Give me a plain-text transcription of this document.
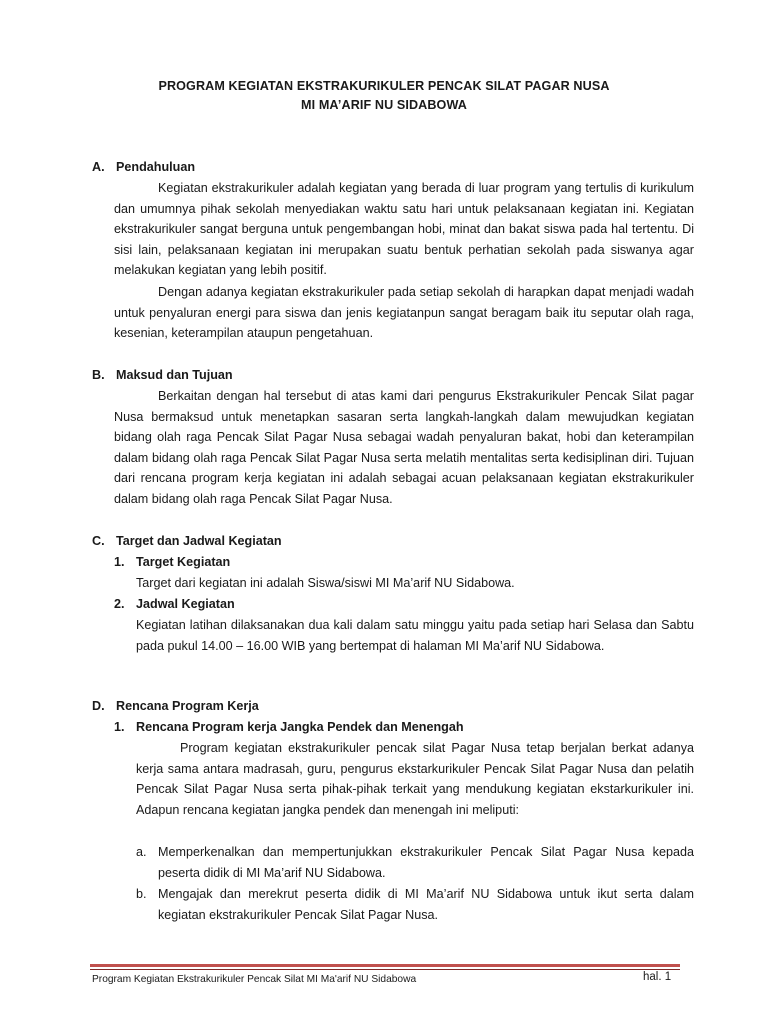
PROGRAM KEGIATAN EKSTRAKURIKULER PENCAK SILAT PAGAR NUSA
MI MA’ARIF NU SIDABOWA
A. Pendahuluan

Kegiatan ekstrakurikuler adalah kegiatan yang berada di luar program yang tertulis di kurikulum dan umumnya pihak sekolah menyediakan waktu satu hari untuk pelaksanaan kegiatan ini. Kegiatan ekstrakurikuler sangat berguna untuk pengembangan hobi, minat dan bakat siswa pada hal tertentu. Di sisi lain, pelaksanaan kegiatan ini merupakan suatu bentuk perhatian sekolah pada siswanya agar melakukan kegiatan yang lebih positif.

Dengan adanya kegiatan ekstrakurikuler pada setiap sekolah di harapkan dapat menjadi wadah untuk penyaluran energi para siswa dan jenis kegiatanpun sangat beragam baik itu seputar olah raga, kesenian, keterampilan ataupun pengetahuan.

B. Maksud dan Tujuan

Berkaitan dengan hal tersebut di atas kami dari pengurus Ekstrakurikuler Pencak Silat pagar Nusa bermaksud untuk menetapkan sasaran serta langkah-langkah dalam mewujudkan kegiatan bidang olah raga Pencak Silat Pagar Nusa sebagai wadah penyaluran bakat, hobi dan keterampilan dalam bidang olah raga Pencak Silat Pagar Nusa serta melatih mentalitas serta kedisiplinan diri. Tujuan dari rencana program kerja kegiatan ini adalah sebagai acuan pelaksanaan kegiatan ekstrakurikuler dalam bidang olah raga Pencak Silat Pagar Nusa.

C. Target dan Jadwal Kegiatan
1. Target Kegiatan

Target dari kegiatan ini adalah Siswa/siswi MI Ma’arif NU Sidabowa.

2. Jadwal Kegiatan

Kegiatan latihan dilaksanakan dua kali dalam satu minggu yaitu pada setiap hari Selasa dan Sabtu pada pukul 14.00 – 16.00 WIB yang bertempat di halaman MI Ma’arif NU Sidabowa.

D. Rencana Program Kerja
1. Rencana Program kerja Jangka Pendek dan Menengah

Program kegiatan ekstrakurikuler pencak silat Pagar Nusa tetap berjalan berkat adanya kerja sama antara madrasah, guru, pengurus ekstarkurikuler Pencak Silat Pagar Nusa dan pelatih Pencak Silat Pagar Nusa serta pihak-pihak terkait yang mendukung kegiatan ekstarkurikuler ini. Adapun rencana kegiatan jangka pendek dan menengah ini meliputi:

a. Memperkenalkan dan mempertunjukkan ekstrakurikuler Pencak Silat Pagar Nusa kepada peserta didik di MI Ma’arif NU Sidabowa.

b. Mengajak dan merekrut peserta didik di MI Ma’arif NU Sidabowa untuk ikut serta dalam kegiatan ekstrakurikuler Pencak Silat Pagar Nusa.

Program Kegiatan Ekstrakurikuler Pencak Silat MI Ma'arif NU Sidabowa	hal. 1
